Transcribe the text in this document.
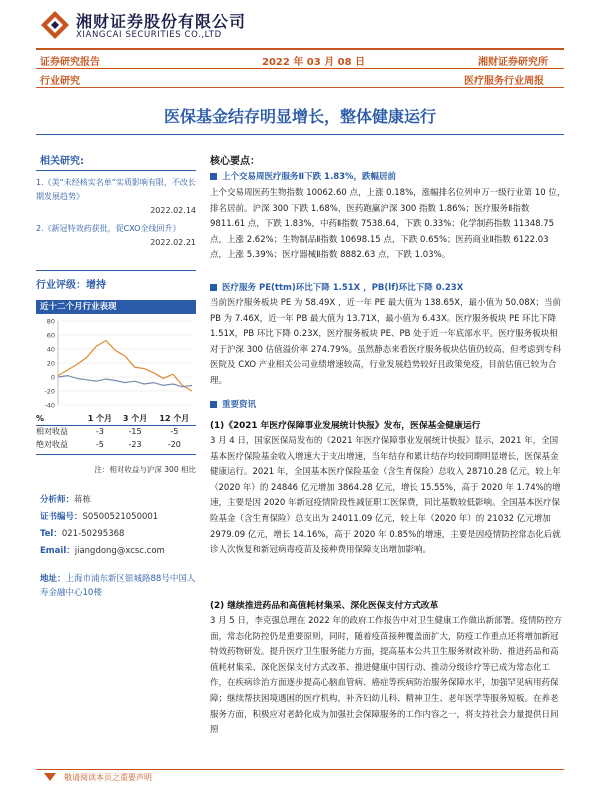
湘财证券股份有限公司
XIANGCAI SECURITIES CO.,LTD
证券研究报告	2022 年 03 月 08 日	湘财证券研究所
行业研究	医疗服务行业周报
医保基金结存明显增长，整体健康运行
相关研究:
1.《美“未经核实名单”实质影响有限，不改长期发展趋势》
2022.02.14
2.《新冠特效药获批，促CXO全线回升》
2022.02.21
行业评级：增持
近十二个月行业表现
80
60
40
20
0
-20
-40
%	1 个月	3 个月	12 个月
相对收益	-3	-15	-5
绝对收益	-5	-23	-20
注：相对收益与沪深 300 相比
分析师：蒋栋
证书编号：S0500521050001
Tel：021-50295368
Email：jiangdong@xcsc.com
地址：上海市浦东新区银城路88号中国人寿金融中心10楼
核心要点：
上个交易周医疗服务Ⅱ下跌 1.83%，跌幅居前
上个交易周医药生物指数 10062.60 点，上涨 0.18%，涨幅排名位列申万一级行业第 10 位，排名居前。沪深 300 下跌 1.68%，医药跑赢沪深 300 指数 1.86%；医疗服务Ⅱ指数 9811.61 点，下跌 1.83%，中药Ⅱ指数 7538.64，下跌 0.33%；化学制药指数 11348.75 点，上涨 2.62%；生物制品Ⅱ指数 10698.15 点，下跌 0.65%；医药商业Ⅱ指数 6122.03 点，上涨 5.39%；医疗器械Ⅱ指数 8882.63 点，下跌 1.03%。
医疗服务 PE(ttm)环比下降 1.51X ，PB(lf)环比下降 0.23X
当前医疗服务板块 PE 为 58.49X ，近一年 PE 最大值为 138.65X，最小值为 50.08X；当前 PB 为 7.46X，近一年 PB 最大值为 13.71X，最小值为 6.43X。医疗服务板块 PE 环比下降 1.51X，PB 环比下降 0.23X，医疗服务板块 PE、PB 处于近一年底部水平。医疗服务板块相对于沪深 300 估值溢价率 274.79%。虽然静态来看医疗服务板块估值仍较高，但考虑到专科医院及 CXO 产业相关公司业绩增速较高，行业发展趋势较好且政策免疫，目前估值已较为合理。
重要资讯
(1)《2021 年医疗保障事业发展统计快报》发布，医保基金健康运行
3 月 4 日，国家医保局发布的《2021 年医疗保障事业发展统计快报》显示，2021 年，全国基本医疗保险基金收入增速大于支出增速，当年结存和累计结存均较同期明显增长，医保基金健康运行。2021 年，全国基本医疗保险基金（含生育保险）总收入 28710.28 亿元，较上年（2020 年）的 24846 亿元增加 3864.28 亿元，增长 15.55%，高于 2020 年 1.74%的增速，主要是因 2020 年新冠疫情阶段性减征职工医保费，同比基数较低影响。全国基本医疗保险基金（含生育保险）总支出为 24011.09 亿元，较上年（2020 年）的 21032 亿元增加 2979.09 亿元，增长 14.16%，高于 2020 年 0.85%的增速，主要是因疫情防控常态化后就诊人次恢复和新冠病毒疫苗及接种费用保障支出增加影响。
(2) 继续推进药品和高值耗材集采、深化医保支付方式改革
3 月 5 日，李克强总理在 2022 年的政府工作报告中对卫生健康工作做出新部署。疫情防控方面，常态化防控仍是重要原则，同时，随着疫苗接种覆盖面扩大，防疫工作重点还将增加新冠特效药物研发。提升医疗卫生服务能力方面，提高基本公共卫生服务财政补助、推进药品和高值耗材集采、深化医保支付方式改革、推进健康中国行动、推动分级诊疗等已成为常态化工作，在疾病诊治方面逐步提高心脑血管病、癌症等疾病防治服务保障水平，加强罕见病用药保障；继续帮扶困境遇困的医疗机构，补齐妇幼儿科、精神卫生、老年医学等服务短板。在养老服务方面，积极应对老龄化成为加强社会保障服务的工作内容之一，将支持社会力量提供日间照
敬请阅读本页之重要声明
